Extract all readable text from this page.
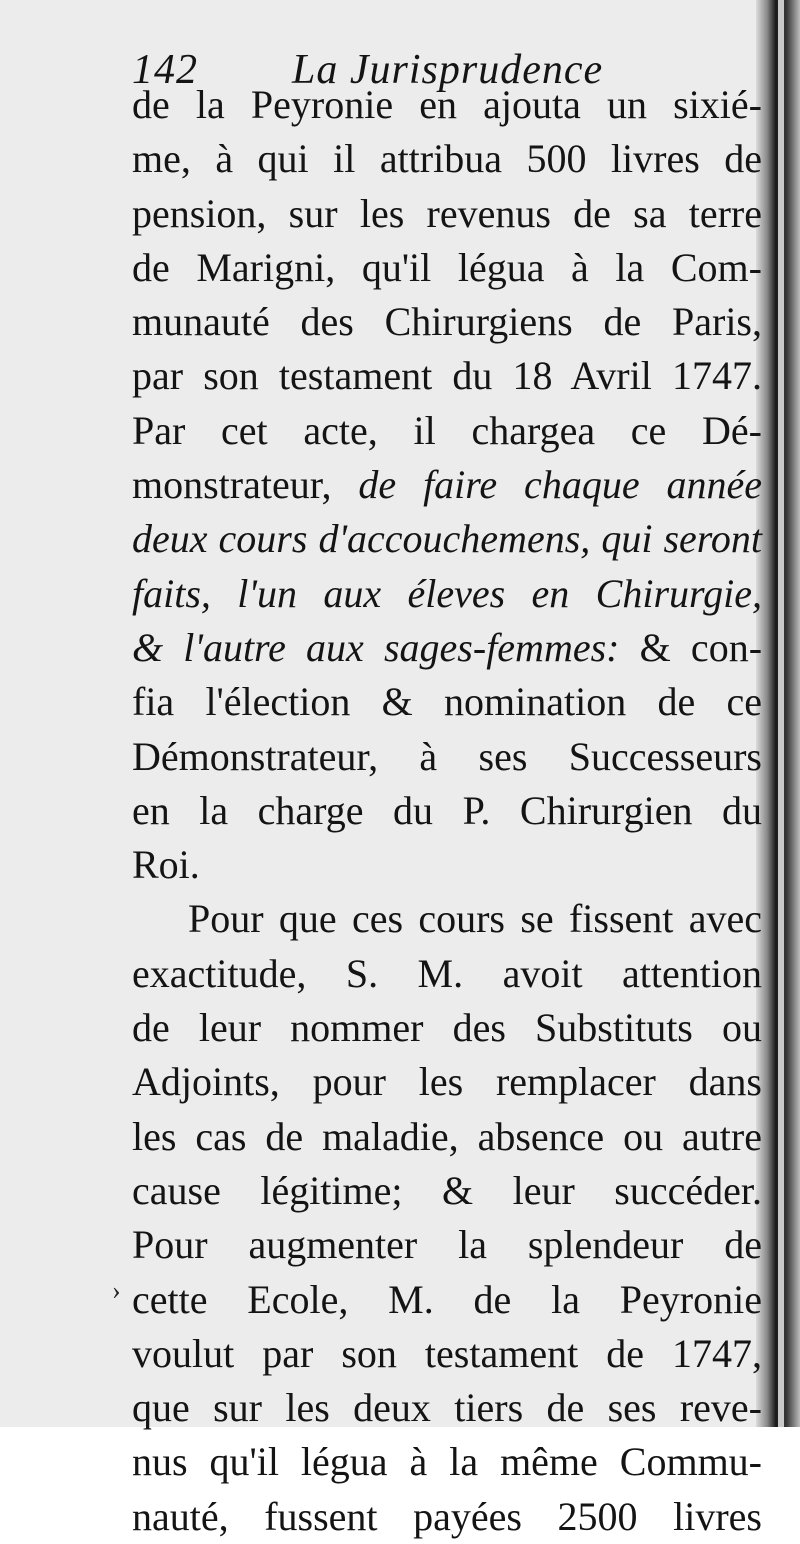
142 La Jurisprudence
de la Peyronie en ajouta un sixié-
me, à qui il attribua 500 livres de
pension, sur les revenus de sa terre
de Marigni, qu'il légua à la Com-
munauté des Chirurgiens de Paris,
par son testament du 18 Avril 1747.
Par cet acte, il chargea ce Dé-
monstrateur, de faire chaque année
deux cours d'accouchemens, qui seront
faits, l'un aux éleves en Chirurgie,
& l'autre aux sages-femmes: & con-
fia l'élection & nomination de ce
Démonstrateur, à ses Successeurs
en la charge du P. Chirurgien du
Roi.
Pour que ces cours se fissent avec
exactitude, S. M. avoit attention
de leur nommer des Substituts ou
Adjoints, pour les remplacer dans
les cas de maladie, absence ou autre
cause légitime; & leur succéder.
Pour augmenter la splendeur de
cette Ecole, M. de la Peyronie
voulut par son testament de 1747,
que sur les deux tiers de ses reve-
nus qu'il légua à la même Commu-
nauté, fussent payées 2500 livres
›
